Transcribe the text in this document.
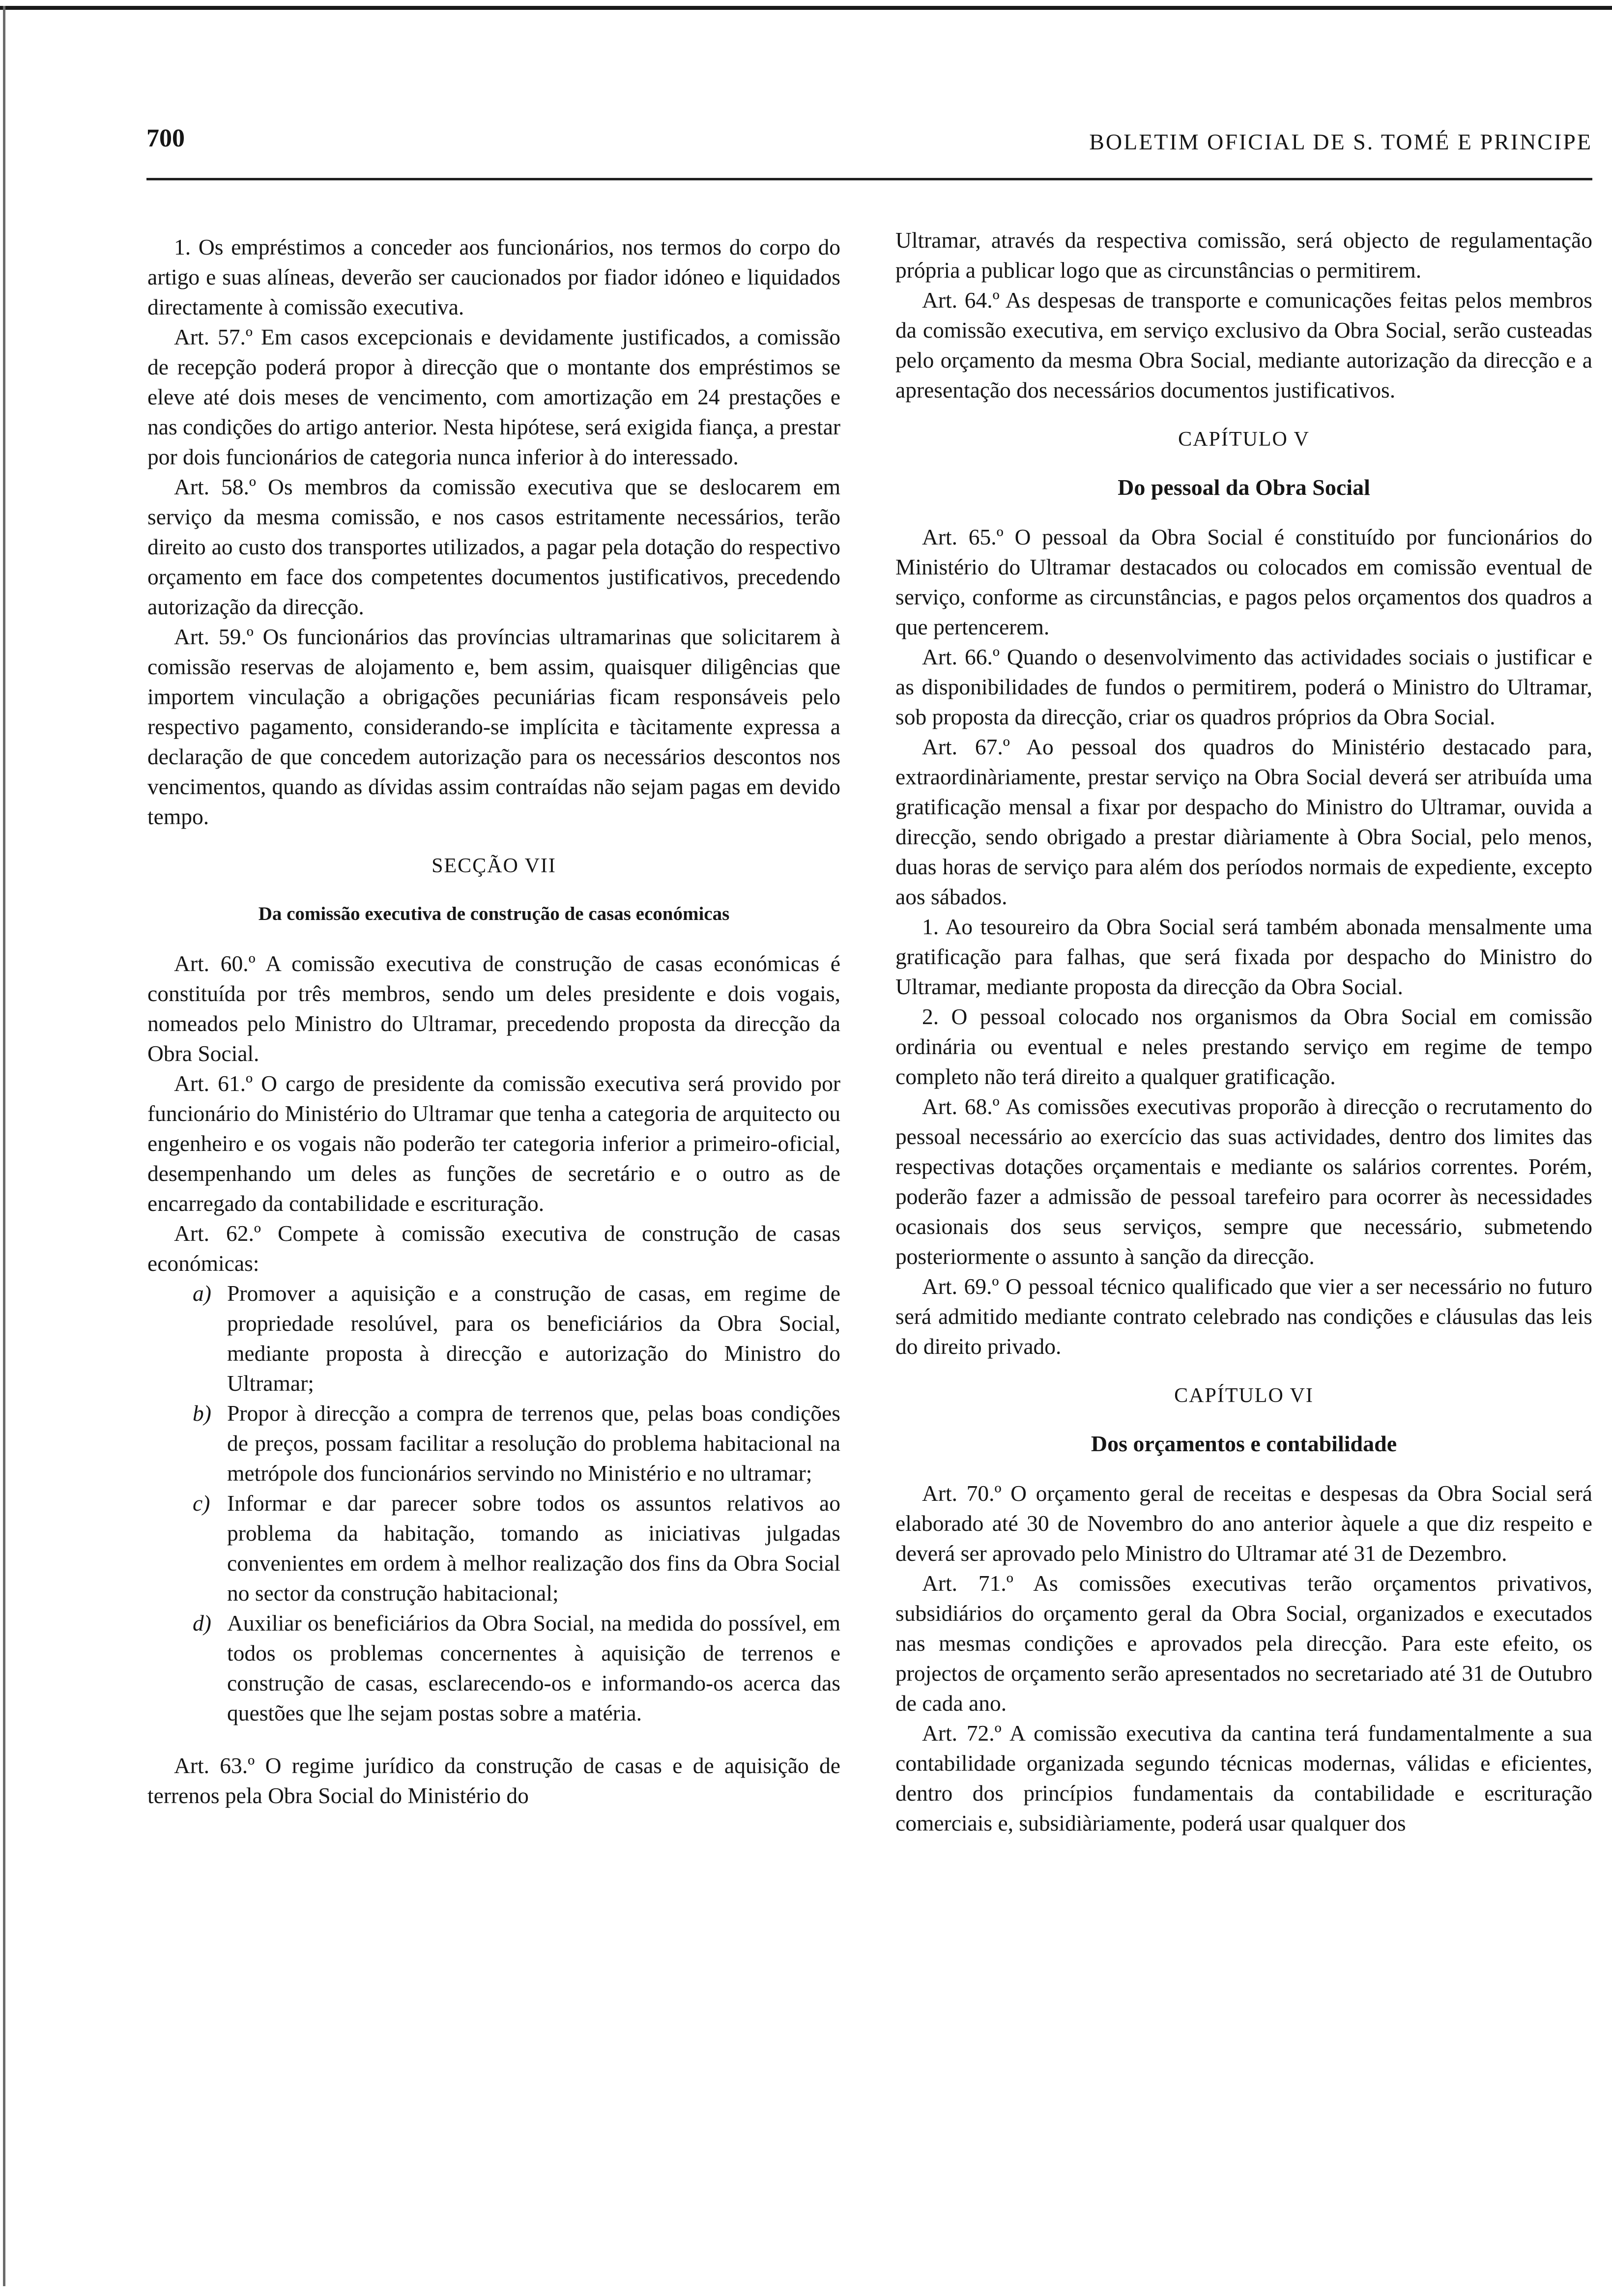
700	BOLETIM OFICIAL DE S. TOMÉ E PRINCIPE

1. Os empréstimos a conceder aos funcionários, nos termos do corpo do artigo e suas alíneas, deverão ser caucionados por fiador idóneo e liquidados directamente à comissão executiva.

Art. 57.º Em casos excepcionais e devidamente justificados, a comissão de recepção poderá propor à direcção que o montante dos empréstimos se eleve até dois meses de vencimento, com amortização em 24 prestações e nas condições do artigo anterior. Nesta hipótese, será exigida fiança, a prestar por dois funcionários de categoria nunca inferior à do interessado.

Art. 58.º Os membros da comissão executiva que se deslocarem em serviço da mesma comissão, e nos casos estritamente necessários, terão direito ao custo dos transportes utilizados, a pagar pela dotação do respectivo orçamento em face dos competentes documentos justificativos, precedendo autorização da direcção.

Art. 59.º Os funcionários das províncias ultramarinas que solicitarem à comissão reservas de alojamento e, bem assim, quaisquer diligências que importem vinculação a obrigações pecuniárias ficam responsáveis pelo respectivo pagamento, considerando-se implícita e tàcitamente expressa a declaração de que concedem autorização para os necessários descontos nos vencimentos, quando as dívidas assim contraídas não sejam pagas em devido tempo.

SECÇÃO VII
Da comissão executiva de construção de casas económicas

Art. 60.º A comissão executiva de construção de casas económicas é constituída por três membros, sendo um deles presidente e dois vogais, nomeados pelo Ministro do Ultramar, precedendo proposta da direcção da Obra Social.

Art. 61.º O cargo de presidente da comissão executiva será provido por funcionário do Ministério do Ultramar que tenha a categoria de arquitecto ou engenheiro e os vogais não poderão ter categoria inferior a primeiro-oficial, desempenhando um deles as funções de secretário e o outro as de encarregado da contabilidade e escrituração.

Art. 62.º Compete à comissão executiva de construção de casas económicas:

a) Promover a aquisição e a construção de casas, em regime de propriedade resolúvel, para os beneficiários da Obra Social, mediante proposta à direcção e autorização do Ministro do Ultramar;
b) Propor à direcção a compra de terrenos que, pelas boas condições de preços, possam facilitar a resolução do problema habitacional na metrópole dos funcionários servindo no Ministério e no ultramar;
c) Informar e dar parecer sobre todos os assuntos relativos ao problema da habitação, tomando as iniciativas julgadas convenientes em ordem à melhor realização dos fins da Obra Social no sector da construção habitacional;
d) Auxiliar os beneficiários da Obra Social, na medida do possível, em todos os problemas concernentes à aquisição de terrenos e construção de casas, esclarecendo-os e informando-os acerca das questões que lhe sejam postas sobre a matéria.

Art. 63.º O regime jurídico da construção de casas e de aquisição de terrenos pela Obra Social do Ministério do

Ultramar, através da respectiva comissão, será objecto de regulamentação própria a publicar logo que as circunstâncias o permitirem.

Art. 64.º As despesas de transporte e comunicações feitas pelos membros da comissão executiva, em serviço exclusivo da Obra Social, serão custeadas pelo orçamento da mesma Obra Social, mediante autorização da direcção e a apresentação dos necessários documentos justificativos.

CAPÍTULO V
Do pessoal da Obra Social

Art. 65.º O pessoal da Obra Social é constituído por funcionários do Ministério do Ultramar destacados ou colocados em comissão eventual de serviço, conforme as circunstâncias, e pagos pelos orçamentos dos quadros a que pertencerem.

Art. 66.º Quando o desenvolvimento das actividades sociais o justificar e as disponibilidades de fundos o permitirem, poderá o Ministro do Ultramar, sob proposta da direcção, criar os quadros próprios da Obra Social.

Art. 67.º Ao pessoal dos quadros do Ministério destacado para, extraordinàriamente, prestar serviço na Obra Social deverá ser atribuída uma gratificação mensal a fixar por despacho do Ministro do Ultramar, ouvida a direcção, sendo obrigado a prestar diàriamente à Obra Social, pelo menos, duas horas de serviço para além dos períodos normais de expediente, excepto aos sábados.

1. Ao tesoureiro da Obra Social será também abonada mensalmente uma gratificação para falhas, que será fixada por despacho do Ministro do Ultramar, mediante proposta da direcção da Obra Social.

2. O pessoal colocado nos organismos da Obra Social em comissão ordinária ou eventual e neles prestando serviço em regime de tempo completo não terá direito a qualquer gratificação.

Art. 68.º As comissões executivas proporão à direcção o recrutamento do pessoal necessário ao exercício das suas actividades, dentro dos limites das respectivas dotações orçamentais e mediante os salários correntes. Porém, poderão fazer a admissão de pessoal tarefeiro para ocorrer às necessidades ocasionais dos seus serviços, sempre que necessário, submetendo posteriormente o assunto à sanção da direcção.

Art. 69.º O pessoal técnico qualificado que vier a ser necessário no futuro será admitido mediante contrato celebrado nas condições e cláusulas das leis do direito privado.

CAPÍTULO VI
Dos orçamentos e contabilidade

Art. 70.º O orçamento geral de receitas e despesas da Obra Social será elaborado até 30 de Novembro do ano anterior àquele a que diz respeito e deverá ser aprovado pelo Ministro do Ultramar até 31 de Dezembro.

Art. 71.º As comissões executivas terão orçamentos privativos, subsidiários do orçamento geral da Obra Social, organizados e executados nas mesmas condições e aprovados pela direcção. Para este efeito, os projectos de orçamento serão apresentados no secretariado até 31 de Outubro de cada ano.

Art. 72.º A comissão executiva da cantina terá fundamentalmente a sua contabilidade organizada segundo técnicas modernas, válidas e eficientes, dentro dos princípios fundamentais da contabilidade e escrituração comerciais e, subsidiàriamente, poderá usar qualquer dos
